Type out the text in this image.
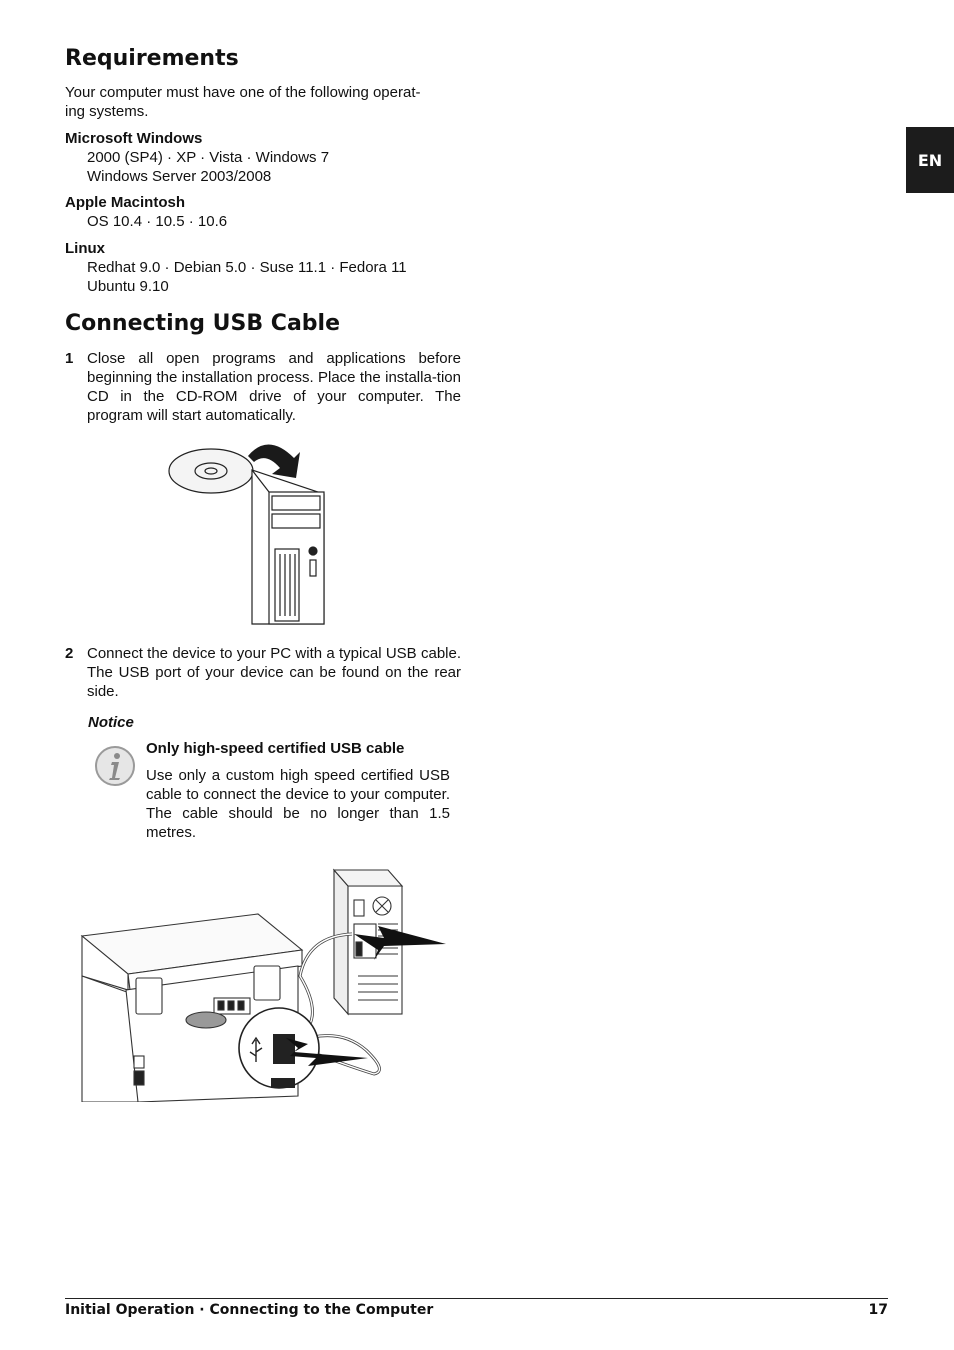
EN
Requirements
Your computer must have one of the following operat-
ing systems.
Microsoft Windows
2000 (SP4) · XP · Vista · Windows 7
Windows Server 2003/2008
Apple Macintosh
OS 10.4 · 10.5 · 10.6
Linux
Redhat 9.0 · Debian 5.0 · Suse 11.1 · Fedora 11
Ubuntu 9.10
Connecting USB Cable
1 Close all open programs and applications before beginning the installation process. Place the installa-tion CD in the CD-ROM drive of your computer. The program will start automatically.
2 Connect the device to your PC with a typical USB cable. The USB port of your device can be found on the rear side.
Notice
Only high-speed certified USB cable
Use only a custom high speed certified USB cable to connect the device to your computer. The cable should be no longer than 1.5 metres.
Initial Operation · Connecting to the Computer	17
